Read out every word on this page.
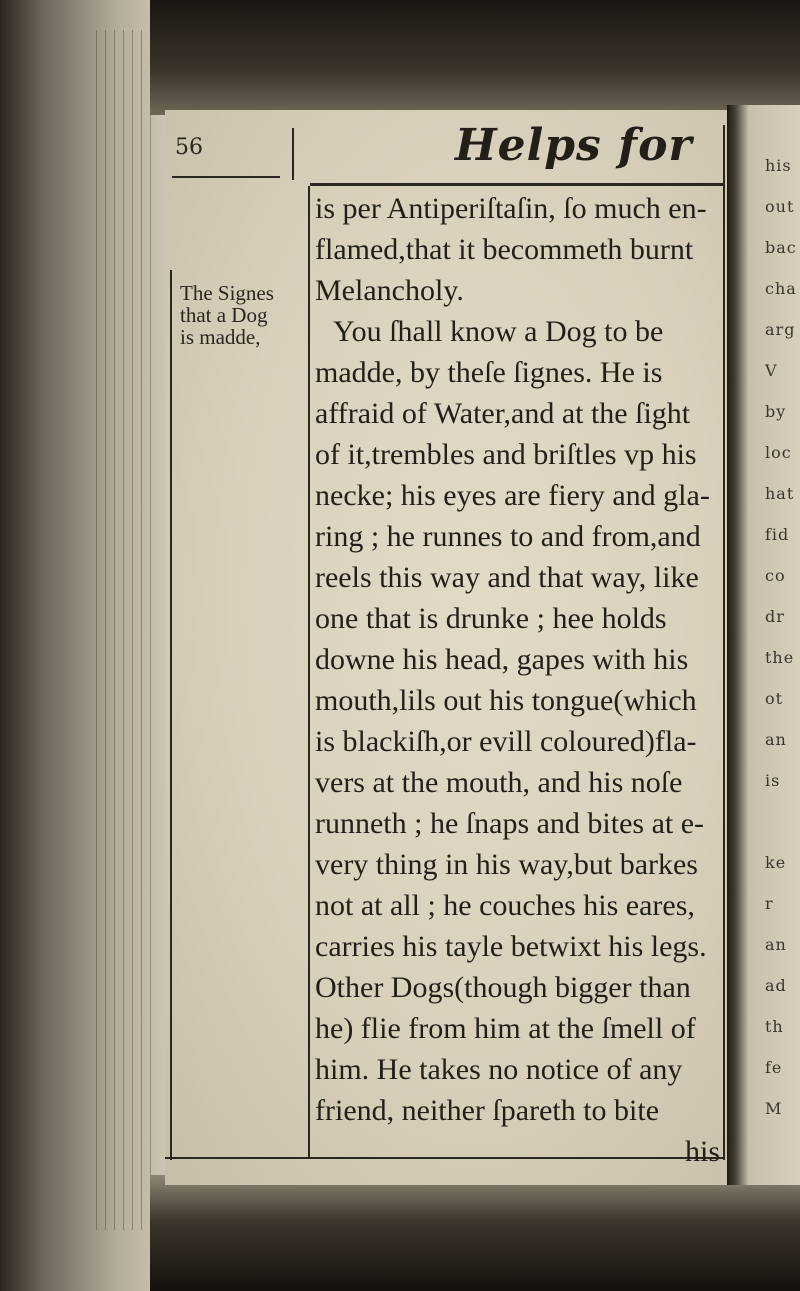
his
out
bac
cha
arg
V
by
loc
hat
fid
co
dr
the
ot
an
is

ke
r
an
ad
th
fe
M
56	Helps for
The Signes
that a Dog
is madde,
is per Antiperiſtaſin, ſo much en-
flamed,that it becommeth burnt
Melancholy.
You ſhall know a Dog to be
madde, by theſe ſignes. He is
affraid of Water,and at the ſight
of it,trembles and briſtles vp his
necke; his eyes are fiery and gla-
ring ; he runnes to and from,and
reels this way and that way, like
one that is drunke ; hee holds
downe his head, gapes with his
mouth,lils out his tongue(which
is blackiſh,or evill coloured)fla-
vers at the mouth, and his noſe
runneth ; he ſnaps and bites at e-
very thing in his way,but barkes
not at all ; he couches his eares,
carries his tayle betwixt his legs.
Other Dogs(though bigger than
he) flie from him at the ſmell of
him. He takes no notice of any
friend, neither ſpareth to bite
his
